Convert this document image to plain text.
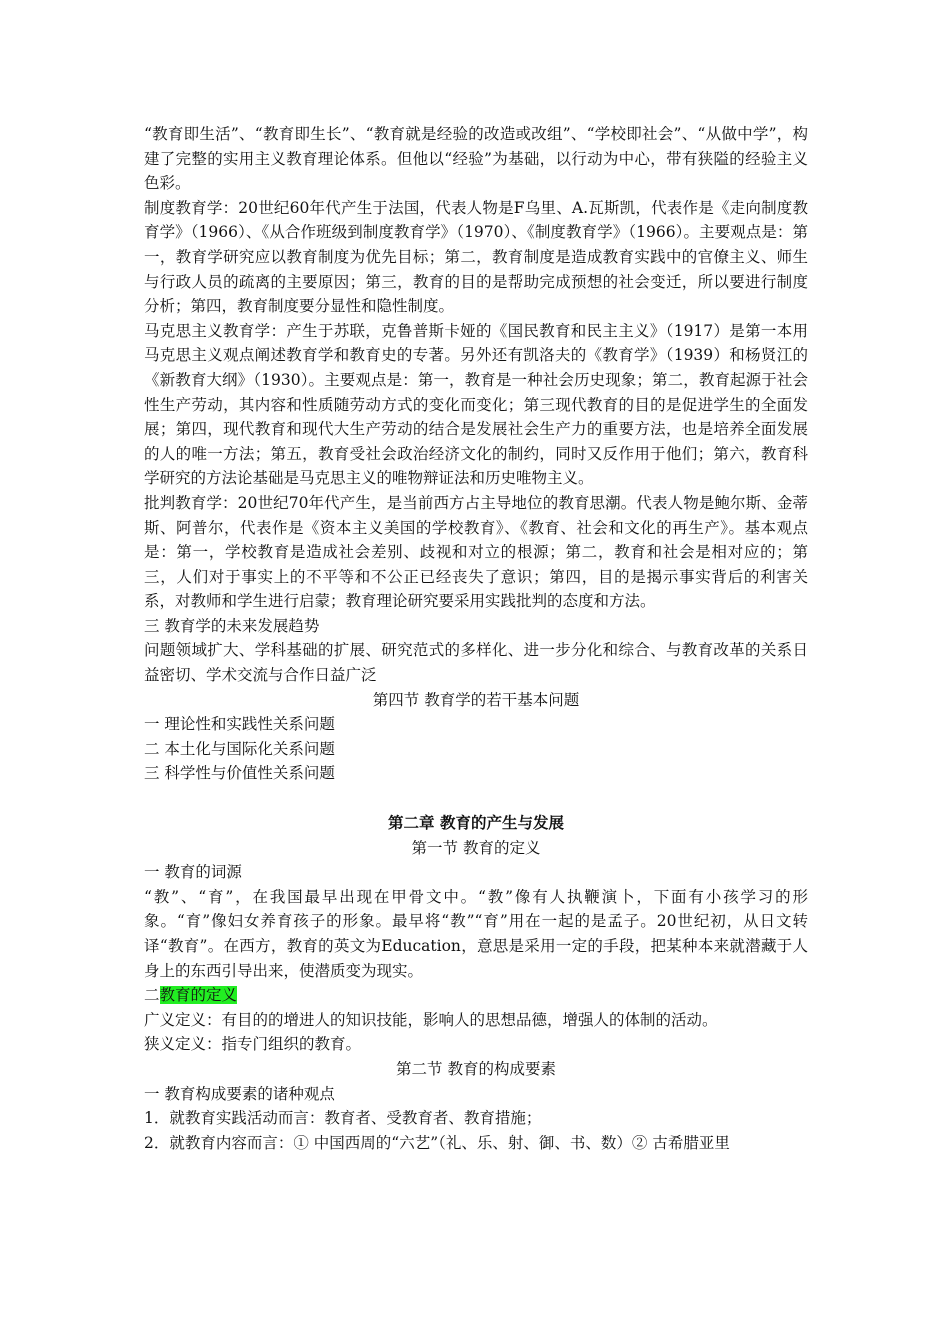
“教育即生活”、“教育即生长”、“教育就是经验的改造或改组”、“学校即社会”、“从做中学”，构建了完整的实用主义教育理论体系。但他以“经验”为基础，以行动为中心，带有狭隘的经验主义色彩。

制度教育学：20世纪60年代产生于法国，代表人物是F乌里、A.瓦斯凯，代表作是《走向制度教育学》（1966）、《从合作班级到制度教育学》（1970）、《制度教育学》（1966）。主要观点是：第一，教育学研究应以教育制度为优先目标；第二，教育制度是造成教育实践中的官僚主义、师生与行政人员的疏离的主要原因；第三，教育的目的是帮助完成预想的社会变迁，所以要进行制度分析；第四，教育制度要分显性和隐性制度。

马克思主义教育学：产生于苏联，克鲁普斯卡娅的《国民教育和民主主义》（1917）是第一本用马克思主义观点阐述教育学和教育史的专著。另外还有凯洛夫的《教育学》（1939）和杨贤江的《新教育大纲》（1930）。主要观点是：第一，教育是一种社会历史现象；第二，教育起源于社会性生产劳动，其内容和性质随劳动方式的变化而变化；第三现代教育的目的是促进学生的全面发展；第四，现代教育和现代大生产劳动的结合是发展社会生产力的重要方法，也是培养全面发展的人的唯一方法；第五，教育受社会政治经济文化的制约，同时又反作用于他们；第六，教育科学研究的方法论基础是马克思主义的唯物辩证法和历史唯物主义。

批判教育学：20世纪70年代产生，是当前西方占主导地位的教育思潮。代表人物是鲍尔斯、金蒂斯、阿普尔，代表作是《资本主义美国的学校教育》、《教育、社会和文化的再生产》。基本观点是：第一，学校教育是造成社会差别、歧视和对立的根源；第二，教育和社会是相对应的；第三，人们对于事实上的不平等和不公正已经丧失了意识；第四，目的是揭示事实背后的利害关系，对教师和学生进行启蒙；教育理论研究要采用实践批判的态度和方法。

三 教育学的未来发展趋势

问题领域扩大、学科基础的扩展、研究范式的多样化、进一步分化和综合、与教育改革的关系日益密切、学术交流与合作日益广泛

第四节 教育学的若干基本问题

一 理论性和实践性关系问题

二 本土化与国际化关系问题

三 科学性与价值性关系问题

第二章 教育的产生与发展

第一节 教育的定义

一 教育的词源

“教”、“育”，在我国最早出现在甲骨文中。“教”像有人执鞭演卜，下面有小孩学习的形象。“育”像妇女养育孩子的形象。最早将“教”“育”用在一起的是孟子。20世纪初，从日文转译“教育”。在西方，教育的英文为Education，意思是采用一定的手段，把某种本来就潜藏于人身上的东西引导出来，使潜质变为现实。

二教育的定义

广义定义：有目的的增进人的知识技能，影响人的思想品德，增强人的体制的活动。

狭义定义：指专门组织的教育。

第二节 教育的构成要素

一 教育构成要素的诸种观点

1．就教育实践活动而言：教育者、受教育者、教育措施；

2．就教育内容而言：① 中国西周的“六艺”（礼、乐、射、御、书、数）② 古希腊亚里
